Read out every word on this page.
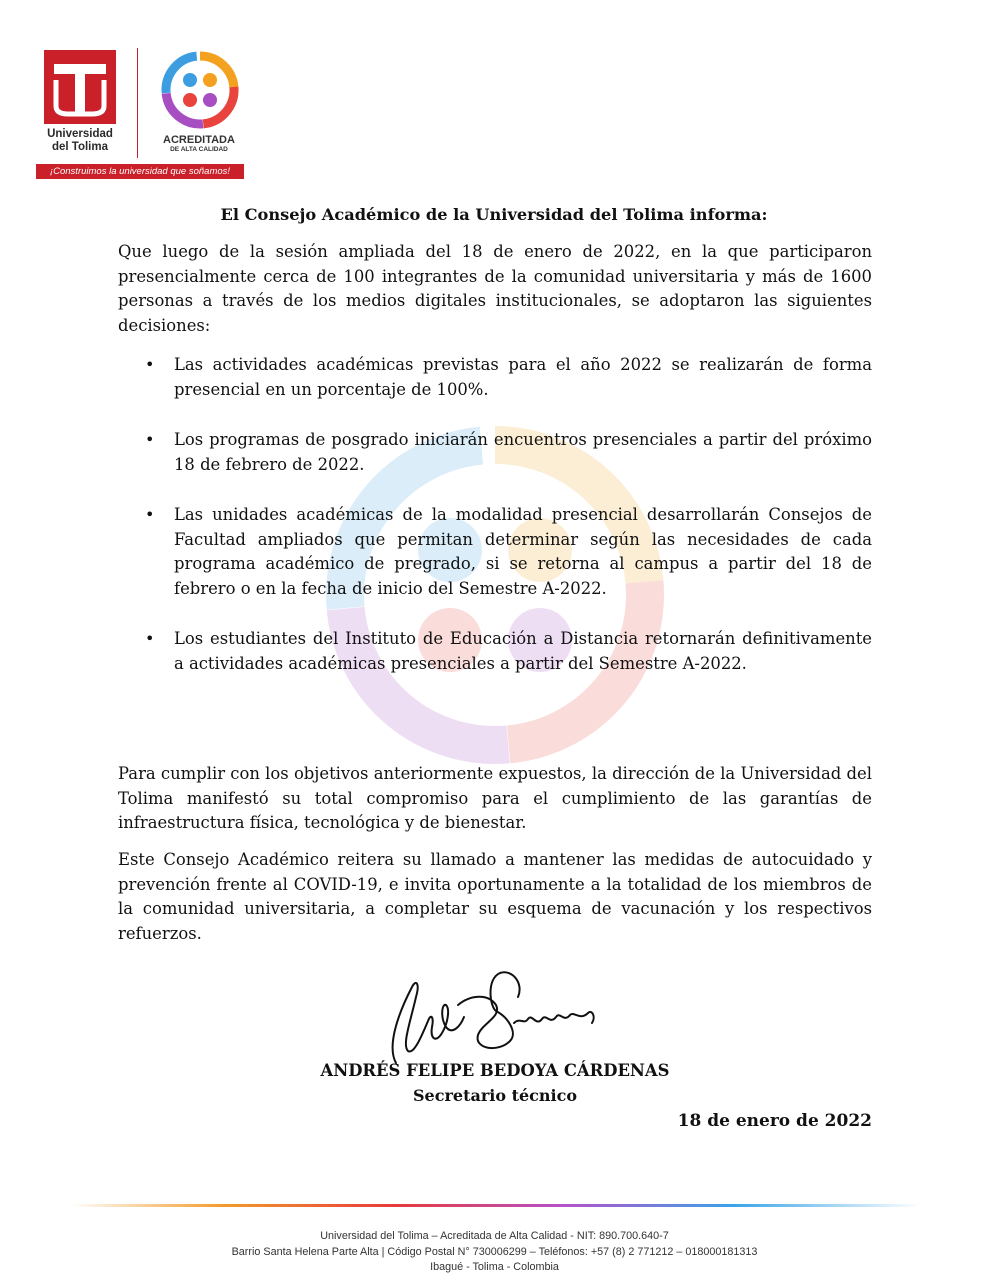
Universidad
del Tolima
ACREDITADA
DE ALTA CALIDAD
¡Construimos la universidad que soñamos!
El Consejo Académico de la Universidad del Tolima informa:

Que luego de la sesión ampliada del 18 de enero de 2022, en la que participaron presencialmente cerca de 100 integrantes de la comunidad universitaria y más de 1600 personas a través de los medios digitales institucionales, se adoptaron las siguientes decisiones:

• Las actividades académicas previstas para el año 2022 se realizarán de forma presencial en un porcentaje de 100%.
• Los programas de posgrado iniciarán encuentros presenciales a partir del próximo 18 de febrero de 2022.
• Las unidades académicas de la modalidad presencial desarrollarán Consejos de Facultad ampliados que permitan determinar según las necesidades de cada programa académico de pregrado, si se retorna al campus a partir del 18 de febrero o en la fecha de inicio del Semestre A-2022.
• Los estudiantes del Instituto de Educación a Distancia retornarán definitivamente a actividades académicas presenciales a partir del Semestre A-2022.

Para cumplir con los objetivos anteriormente expuestos, la dirección de la Universidad del Tolima manifestó su total compromiso para el cumplimiento de las garantías de infraestructura física, tecnológica y de bienestar.

Este Consejo Académico reitera su llamado a mantener las medidas de autocuidado y prevención frente al COVID-19, e invita oportunamente a la totalidad de los miembros de la comunidad universitaria, a completar su esquema de vacunación y los respectivos refuerzos.

ANDRÉS FELIPE BEDOYA CÁRDENAS

Secretario técnico

18 de enero de 2022

Universidad del Tolima – Acreditada de Alta Calidad - NIT: 890.700.640-7
Barrio Santa Helena Parte Alta | Código Postal N° 730006299 – Teléfonos: +57 (8) 2 771212 – 018000181313
Ibagué - Tolima - Colombia
